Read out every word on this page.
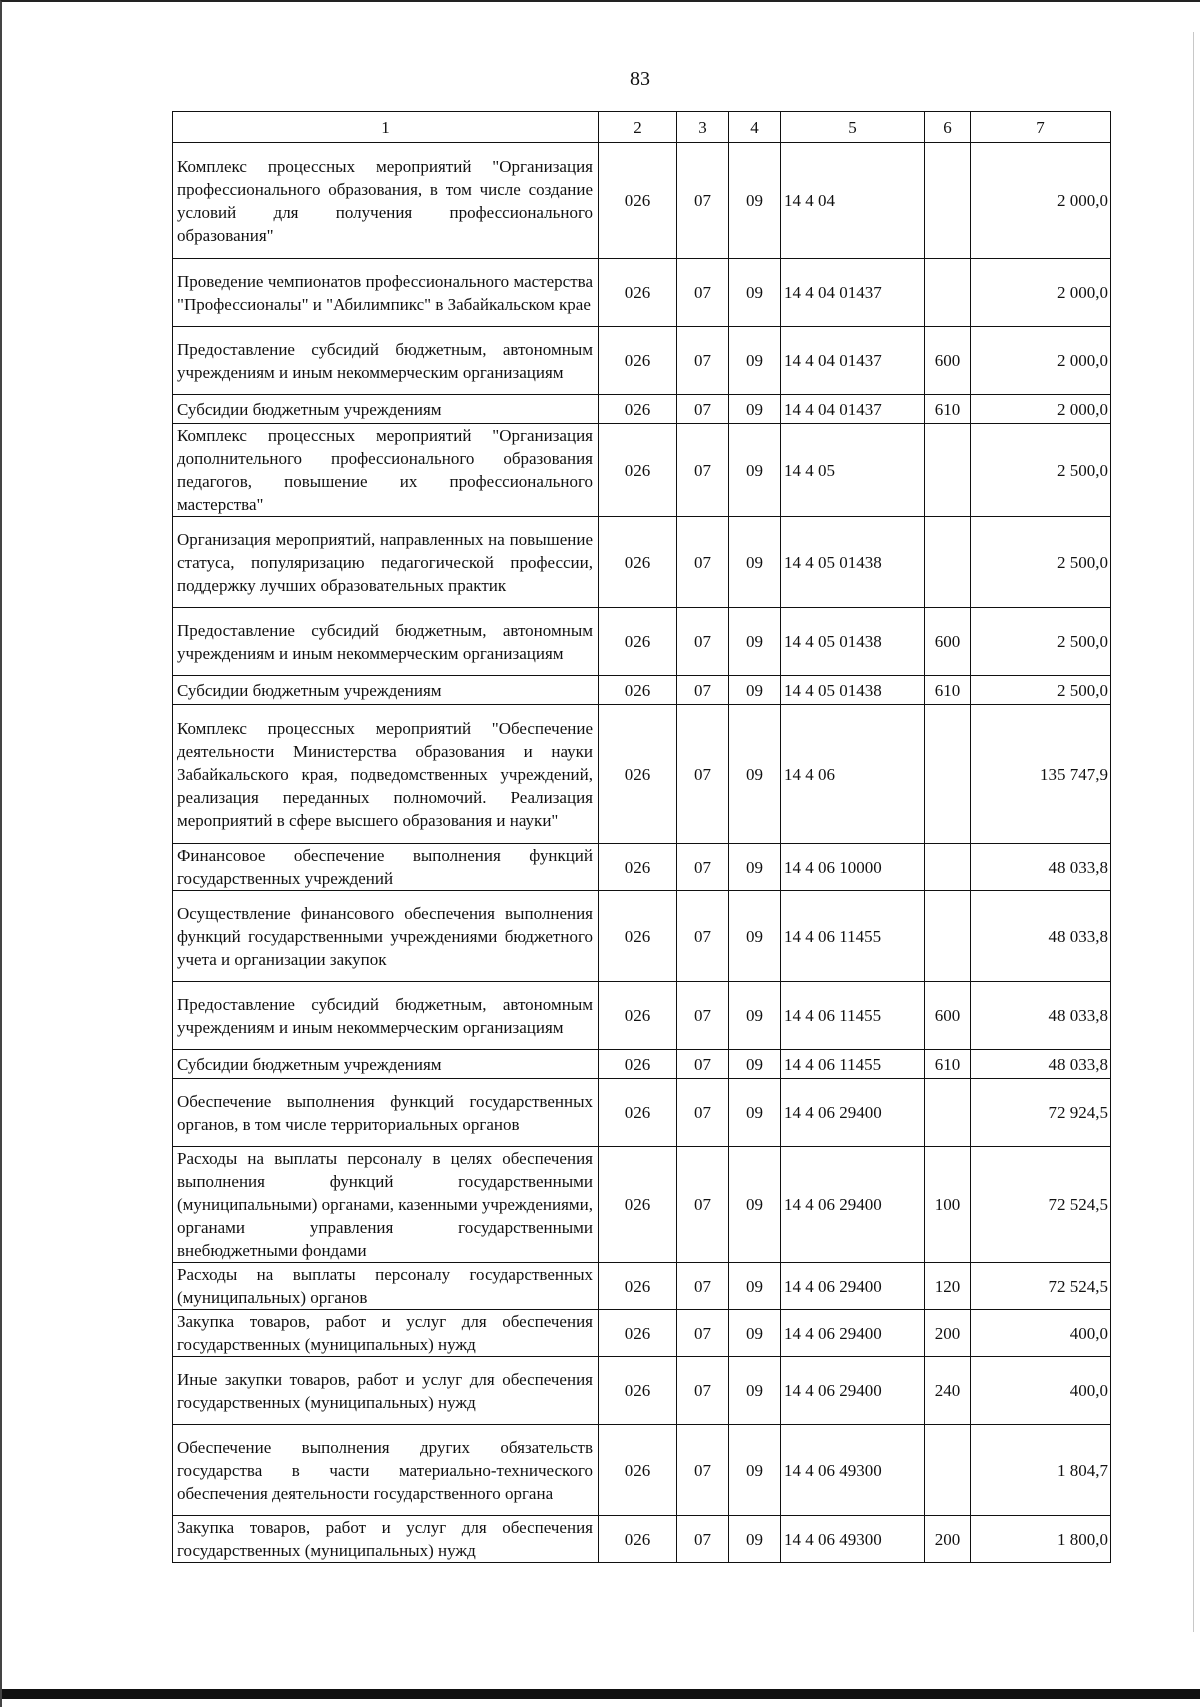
83
1	2	3	4	5	6	7
Комплекс процессных мероприятий "Организация профессионального образования, в том числе создание условий для получения профессионального образования"	026	07	09	14 4 04		2 000,0
Проведение чемпионатов профессионального мастерства "Профессионалы" и "Абилимпикс" в Забайкальском крае	026	07	09	14 4 04 01437		2 000,0
Предоставление субсидий бюджетным, автономным учреждениям и иным некоммерческим организациям	026	07	09	14 4 04 01437	600	2 000,0
Субсидии бюджетным учреждениям	026	07	09	14 4 04 01437	610	2 000,0
Комплекс процессных мероприятий "Организация дополнительного профессионального образования педагогов, повышение их профессионального мастерства"	026	07	09	14 4 05		2 500,0
Организация мероприятий, направленных на повышение статуса, популяризацию педагогической профессии, поддержку лучших образовательных практик	026	07	09	14 4 05 01438		2 500,0
Предоставление субсидий бюджетным, автономным учреждениям и иным некоммерческим организациям	026	07	09	14 4 05 01438	600	2 500,0
Субсидии бюджетным учреждениям	026	07	09	14 4 05 01438	610	2 500,0
Комплекс процессных мероприятий "Обеспечение деятельности Министерства образования и науки Забайкальского края, подведомственных учреждений, реализация переданных полномочий. Реализация мероприятий в сфере высшего образования и науки"	026	07	09	14 4 06		135 747,9
Финансовое обеспечение выполнения функций государственных учреждений	026	07	09	14 4 06 10000		48 033,8
Осуществление финансового обеспечения выполнения функций государственными учреждениями бюджетного учета и организации закупок	026	07	09	14 4 06 11455		48 033,8
Предоставление субсидий бюджетным, автономным учреждениям и иным некоммерческим организациям	026	07	09	14 4 06 11455	600	48 033,8
Субсидии бюджетным учреждениям	026	07	09	14 4 06 11455	610	48 033,8
Обеспечение выполнения функций государственных органов, в том числе территориальных органов	026	07	09	14 4 06 29400		72 924,5
Расходы на выплаты персоналу в целях обеспечения выполнения функций государственными (муниципальными) органами, казенными учреждениями, органами управления государственными внебюджетными фондами	026	07	09	14 4 06 29400	100	72 524,5
Расходы на выплаты персоналу государственных (муниципальных) органов	026	07	09	14 4 06 29400	120	72 524,5
Закупка товаров, работ и услуг для обеспечения государственных (муниципальных) нужд	026	07	09	14 4 06 29400	200	400,0
Иные закупки товаров, работ и услуг для обеспечения государственных (муниципальных) нужд	026	07	09	14 4 06 29400	240	400,0
Обеспечение выполнения других обязательств государства в части материально-технического обеспечения деятельности государственного органа	026	07	09	14 4 06 49300		1 804,7
Закупка товаров, работ и услуг для обеспечения государственных (муниципальных) нужд	026	07	09	14 4 06 49300	200	1 800,0
